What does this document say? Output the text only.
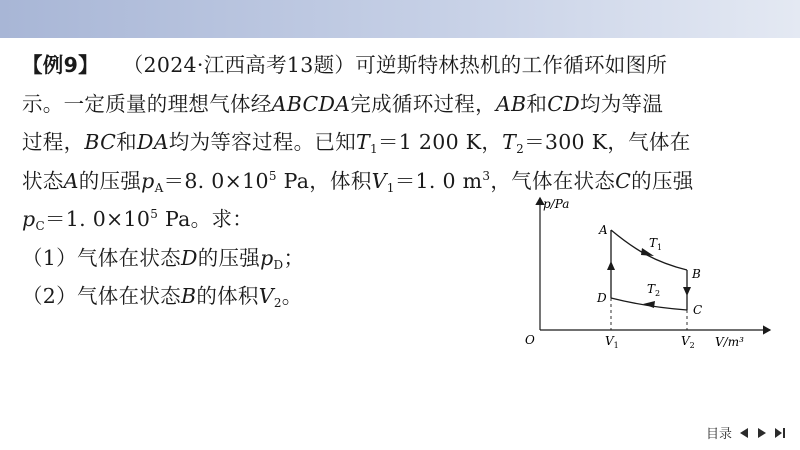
【例9】 （2024·江西高考13题）可逆斯特林热机的工作循环如图所
示。一定质量的理想气体经ABCDA完成循环过程，AB和CD均为等温
过程，BC和DA均为等容过程。已知$T_1=1$ 200 K，$T_2=300$ K，气体在
状态A的压强$p_A=8$. $0\times 10^5$ Pa，体积$V_1=1$. 0 $m^3$，气体在状态C的压强
$p_C=1$. $0\times 10^5$ Pa。求：
（1）气体在状态D的压强$p_D$；
（2）气体在状态B的体积$V_2$。
p/Pa
V/m³
O
A
B
C
D
$T_1$
$T_2$
$V_1$	$V_2$
目录
